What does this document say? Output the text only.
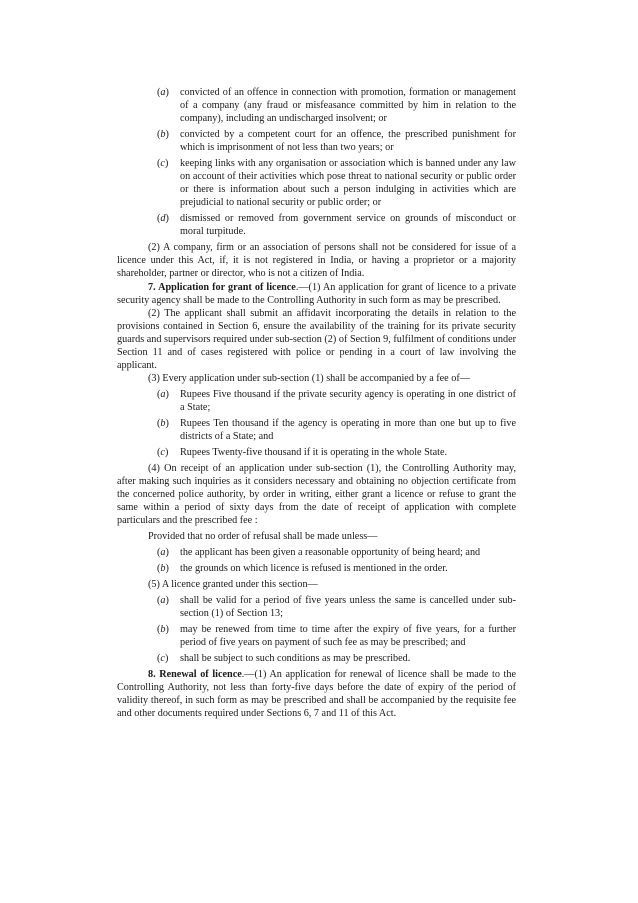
(a)	convicted of an offence in connection with promotion, formation or management of a company (any fraud or misfeasance committed by him in relation to the company), including an undischarged insolvent; or
(b)	convicted by a competent court for an offence, the prescribed punishment for which is imprisonment of not less than two years; or
(c)	keeping links with any organisation or association which is banned under any law on account of their activities which pose threat to national security or public order or there is information about such a person indulging in activities which are prejudicial to national security or public order; or
(d)	dismissed or removed from government service on grounds of misconduct or moral turpitude.

(2) A company, firm or an association of persons shall not be considered for issue of a licence under this Act, if, it is not registered in India, or having a proprietor or a majority shareholder, partner or director, who is not a citizen of India.

7. Application for grant of licence.—(1) An application for grant of licence to a private security agency shall be made to the Controlling Authority in such form as may be prescribed.

(2) The applicant shall submit an affidavit incorporating the details in relation to the provisions contained in Section 6, ensure the availability of the training for its private security guards and supervisors required under sub-section (2) of Section 9, fulfilment of conditions under Section 11 and of cases registered with police or pending in a court of law involving the applicant.

(3) Every application under sub-section (1) shall be accompanied by a fee of—

(a)	Rupees Five thousand if the private security agency is operating in one district of a State;
(b)	Rupees Ten thousand if the agency is operating in more than one but up to five districts of a State; and
(c)	Rupees Twenty-five thousand if it is operating in the whole State.

(4) On receipt of an application under sub-section (1), the Controlling Authority may, after making such inquiries as it considers necessary and obtaining no objection certificate from the concerned police authority, by order in writing, either grant a licence or refuse to grant the same within a period of sixty days from the date of receipt of application with complete particulars and the prescribed fee :

Provided that no order of refusal shall be made unless—

(a)	the applicant has been given a reasonable opportunity of being heard; and
(b)	the grounds on which licence is refused is mentioned in the order.

(5) A licence granted under this section—

(a)	shall be valid for a period of five years unless the same is cancelled under sub-section (1) of Section 13;
(b)	may be renewed from time to time after the expiry of five years, for a further period of five years on payment of such fee as may be prescribed; and
(c)	shall be subject to such conditions as may be prescribed.

8. Renewal of licence.—(1) An application for renewal of licence shall be made to the Controlling Authority, not less than forty-five days before the date of expiry of the period of validity thereof, in such form as may be prescribed and shall be accompanied by the requisite fee and other documents required under Sections 6, 7 and 11 of this Act.
